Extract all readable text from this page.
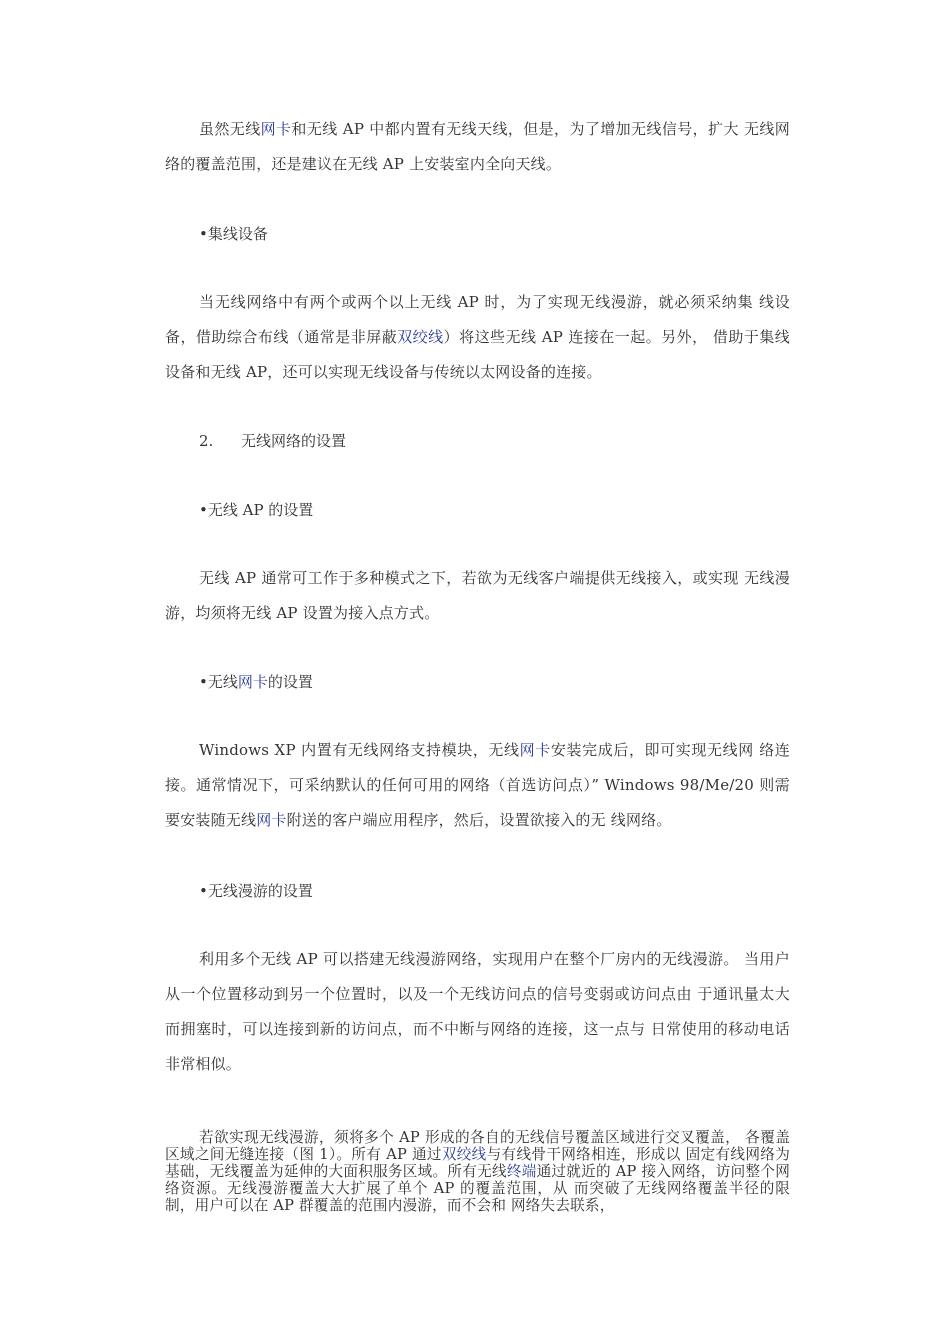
虽然无线网卡和无线 AP 中都内置有无线天线，但是，为了增加无线信号，扩大 无线网络的覆盖范围，还是建议在无线 AP 上安装室内全向天线。

•集线设备

当无线网络中有两个或两个以上无线 AP 时，为了实现无线漫游，就必须采纳集 线设备，借助综合布线（通常是非屏蔽双绞线）将这些无线 AP 连接在一起。另外， 借助于集线设备和无线 AP，还可以实现无线设备与传统以太网设备的连接。

2. 无线网络的设置

•无线 AP 的设置

无线 AP 通常可工作于多种模式之下，若欲为无线客户端提供无线接入，或实现 无线漫游，均须将无线 AP 设置为接入点方式。

•无线网卡的设置

Windows XP 内置有无线网络支持模块，无线网卡安装完成后，即可实现无线网 络连接。通常情况下，可采纳默认的任何可用的网络（首选访问点）” Windows 98/Me/20 则需要安装随无线网卡附送的客户端应用程序，然后，设置欲接入的无 线网络。

•无线漫游的设置

利用多个无线 AP 可以搭建无线漫游网络，实现用户在整个厂房内的无线漫游。 当用户从一个位置移动到另一个位置时，以及一个无线访问点的信号变弱或访问点由 于通讯量太大而拥塞时，可以连接到新的访问点，而不中断与网络的连接，这一点与 日常使用的移动电话非常相似。

若欲实现无线漫游，须将多个 AP 形成的各自的无线信号覆盖区域进行交叉覆盖， 各覆盖区域之间无缝连接（图 1）。所有 AP 通过双绞线与有线骨干网络相连，形成以 固定有线网络为基础，无线覆盖为延伸的大面积服务区域。所有无线终端通过就近的 AP 接入网络，访问整个网络资源。无线漫游覆盖大大扩展了单个 AP 的覆盖范围，从 而突破了无线网络覆盖半径的限制，用户可以在 AP 群覆盖的范围内漫游，而不会和 网络失去联系，
